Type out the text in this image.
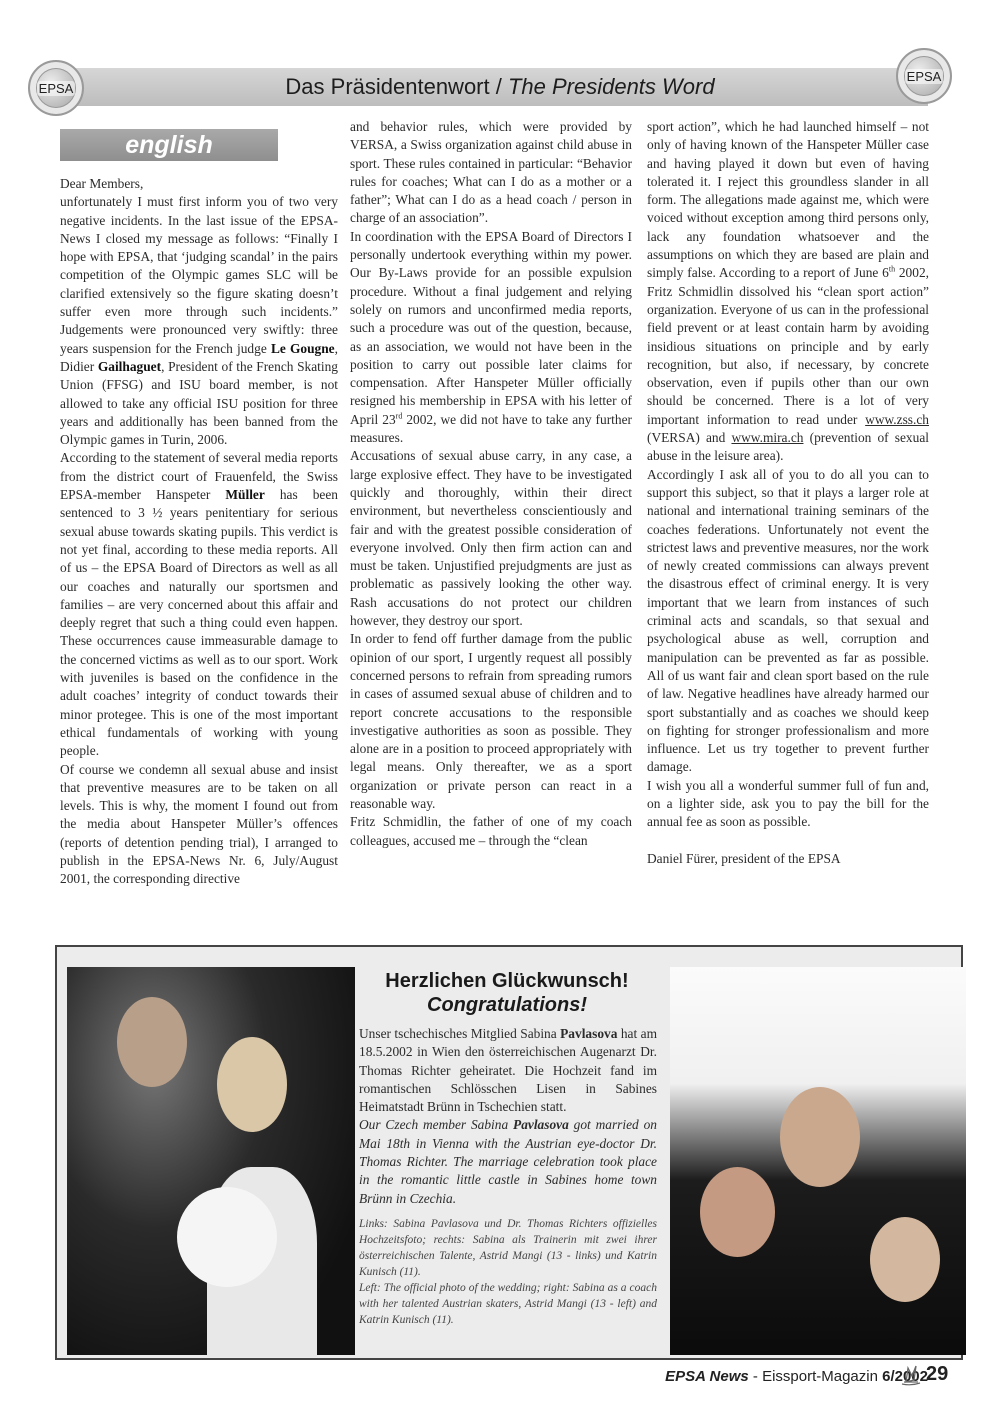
EPSA
EPSA
Das Präsidentenwort / The Presidents Word
english

Dear Members,

unfortunately I must first inform you of two very negative incidents. In the last issue of the EPSA-News I closed my message as follows: “Finally I hope with EPSA, that ‘judging scandal’ in the pairs competition of the Olympic games SLC will be clarified extensively so the figure skating doesn’t suffer even more through such incidents.” Judgements were pronounced very swiftly: three years suspension for the French judge Le Gougne, Didier Gailhaguet, President of the French Skating Union (FFSG) and ISU board member, is not allowed to take any official ISU position for three years and additionally has been banned from the Olympic games in Turin, 2006.

According to the statement of several media reports from the district court of Frauenfeld, the Swiss EPSA-member Hanspeter Müller has been sentenced to 3 ½ years penitentiary for serious sexual abuse towards skating pupils. This verdict is not yet final, according to these media reports. All of us – the EPSA Board of Directors as well as all our coaches and naturally our sportsmen and families – are very concerned about this affair and deeply regret that such a thing could even happen. These occurrences cause immeasurable damage to the concerned victims as well as to our sport. Work with juveniles is based on the confidence in the adult coaches’ integrity of conduct towards their minor protegee. This is one of the most important ethical fundamentals of working with young people.

Of course we condemn all sexual abuse and insist that preventive measures are to be taken on all levels. This is why, the moment I found out from the media about Hanspeter Müller’s offences (reports of detention pending trial), I arranged to publish in the EPSA-News Nr. 6, July/August 2001, the corresponding directive

and behavior rules, which were provided by VERSA, a Swiss organization against child abuse in sport. These rules contained in particular: “Behavior rules for coaches; What can I do as a mother or a father”; What can I do as a head coach / person in charge of an association”.

In coordination with the EPSA Board of Directors I personally undertook everything within my power. Our By-Laws provide for an possible expulsion procedure. Without a final judgement and relying solely on rumors and unconfirmed media reports, such a procedure was out of the question, because, as an association, we would not have been in the position to carry out possible later claims for compensation. After Hanspeter Müller officially resigned his membership in EPSA with his letter of April 23rd 2002, we did not have to take any further measures.

Accusations of sexual abuse carry, in any case, a large explosive effect. They have to be investigated quickly and thoroughly, within their direct environment, but nevertheless conscientiously and fair and with the greatest possible consideration of everyone involved. Only then firm action can and must be taken. Unjustified prejudgments are just as problematic as passively looking the other way. Rash accusations do not protect our children however, they destroy our sport.

In order to fend off further damage from the public opinion of our sport, I urgently request all possibly concerned persons to refrain from spreading rumors in cases of assumed sexual abuse of children and to report concrete accusations to the responsible investigative authorities as soon as possible. They alone are in a position to proceed appropriately with legal means. Only thereafter, we as a sport organization or private person can react in a reasonable way.

Fritz Schmidlin, the father of one of my coach colleagues, accused me – through the “clean

sport action”, which he had launched himself – not only of having known of the Hanspeter Müller case and having played it down but even of having tolerated it. I reject this groundless slander in all form. The allegations made against me, which were voiced without exception among third persons only, lack any foundation whatsoever and the assumptions on which they are based are plain and simply false. According to a report of June 6th 2002, Fritz Schmidlin dissolved his “clean sport action” organization. Everyone of us can in the professional field prevent or at least contain harm by avoiding insidious situations on principle and by early recognition, but also, if necessary, by concrete observation, even if pupils other than our own should be concerned. There is a lot of very important information to read under www.zss.ch (VERSA) and www.mira.ch (prevention of sexual abuse in the leisure area).

Accordingly I ask all of you to do all you can to support this subject, so that it plays a larger role at national and international training seminars of the coaches federations. Unfortunately not event the strictest laws and preventive measures, nor the work of newly created commissions can always prevent the disastrous effect of criminal energy. It is very important that we learn from instances of such criminal acts and scandals, so that sexual and psychological abuse as well, corruption and manipulation can be prevented as far as possible. All of us want fair and clean sport based on the rule of law. Negative headlines have already harmed our sport substantially and as coaches we should keep on fighting for stronger professionalism and more influence. Let us try together to prevent further damage.

I wish you all a wonderful summer full of fun and, on a lighter side, ask you to pay the bill for the annual fee as soon as possible.

Daniel Fürer, president of the EPSA

Herzlichen Glückwunsch!
Congratulations!

Unser tschechisches Mitglied Sabina Pavlasova hat am 18.5.2002 in Wien den österreichischen Augenarzt Dr. Thomas Richter geheiratet. Die Hochzeit fand im romantischen Schlösschen Lisen in Sabines Heimatstadt Brünn in Tschechien statt.

Our Czech member Sabina Pavlasova got married on Mai 18th in Vienna with the Austrian eye-doctor Dr. Thomas Richter. The marriage celebration took place in the romantic little castle in Sabines home town Brünn in Czechia.

Links: Sabina Pavlasova und Dr. Thomas Richters offizielles Hochzeitsfoto; rechts: Sabina als Trainerin mit zwei ihrer österreichischen Talente, Astrid Mangi (13 - links) und Katrin Kunisch (11).

Left: The official photo of the wedding; right: Sabina as a coach with her talented Austrian skaters, Astrid Mangi (13 - left) and Katrin Kunisch (11).

EPSA News - Eissport-Magazin 6/2002
29
